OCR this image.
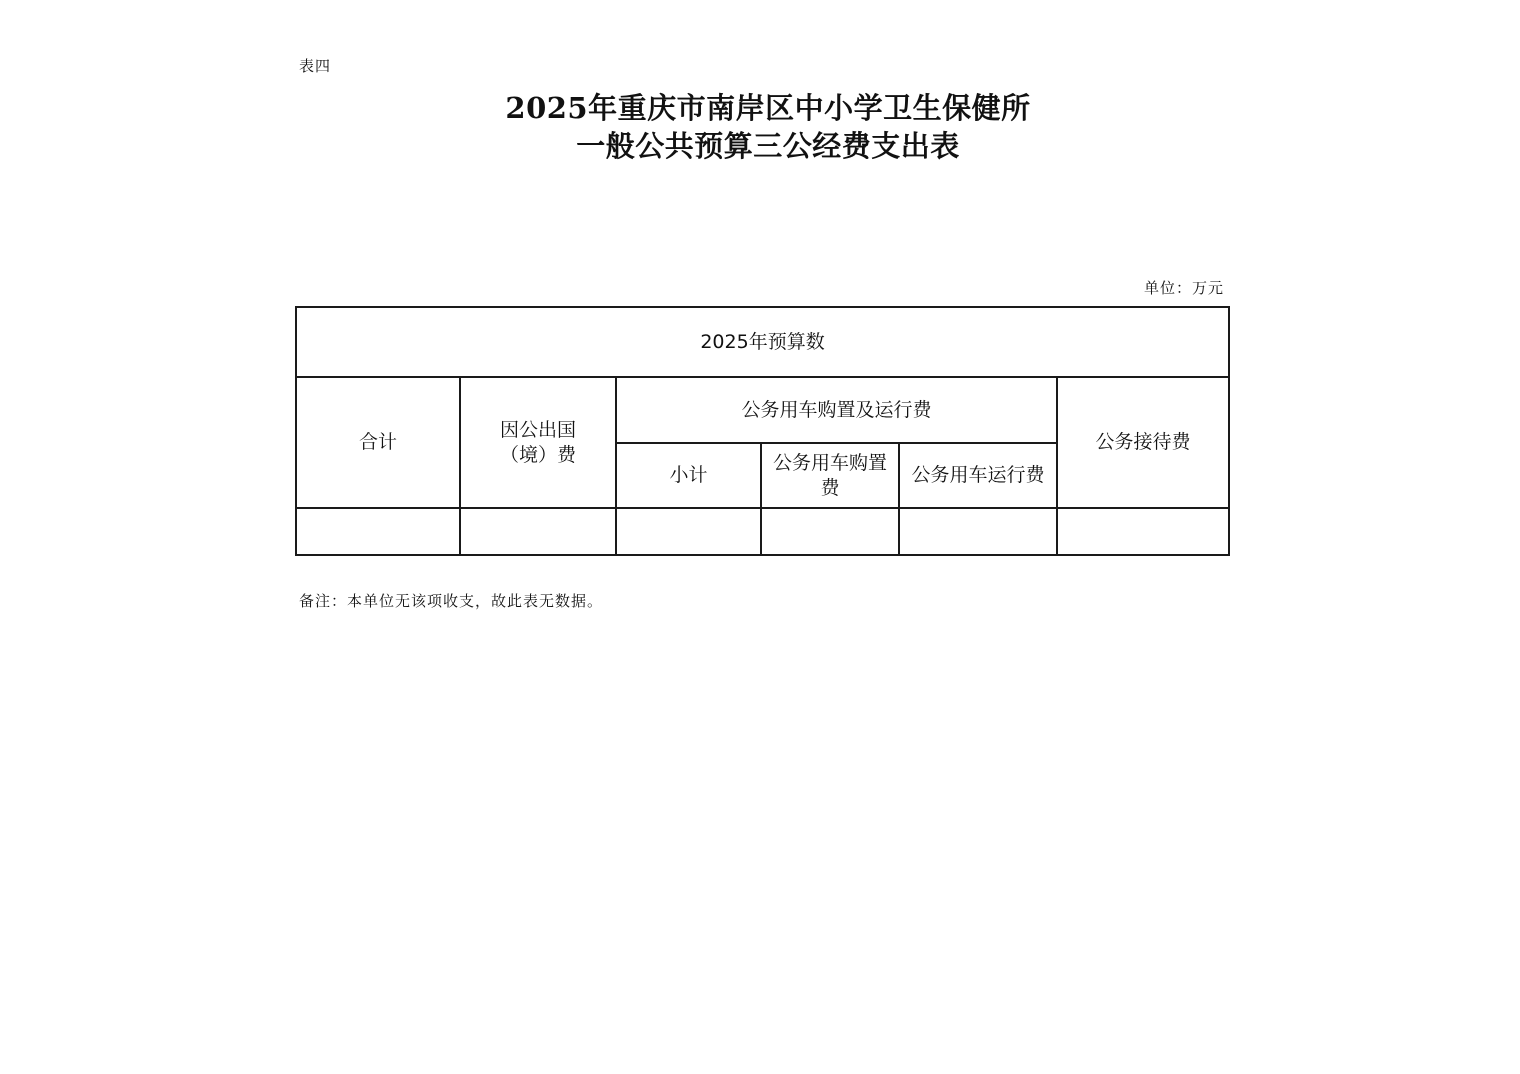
表四
2025年重庆市南岸区中小学卫生保健所
一般公共预算三公经费支出表
单位：万元
2025年预算数					
合计	因公出国（境）费	公务用车购置及运行费			公务接待费
		小计	公务用车购置费	公务用车运行费	

备注：本单位无该项收支，故此表无数据。
